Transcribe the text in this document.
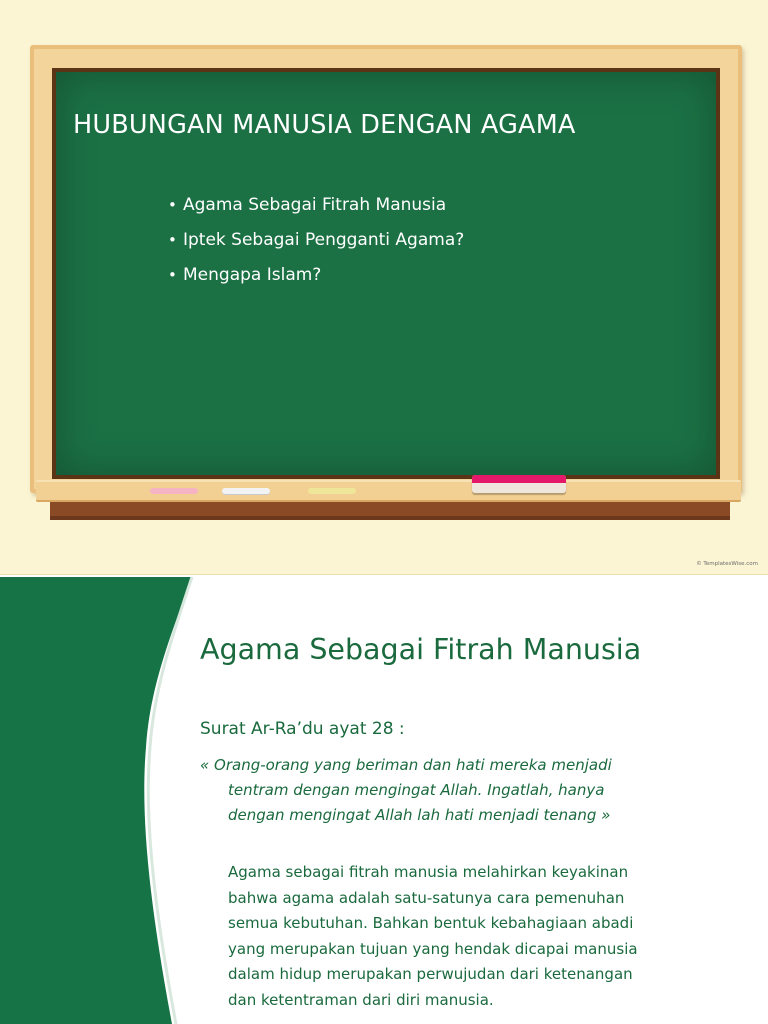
HUBUNGAN MANUSIA DENGAN AGAMA
• Agama Sebagai Fitrah Manusia
• Iptek Sebagai Pengganti Agama?
• Mengapa Islam?
© TemplatesWise.com
Agama Sebagai Fitrah Manusia
Surat Ar-Ra’du ayat 28 :
« Orang-orang yang beriman dan hati mereka menjadi
tentram dengan mengingat Allah. Ingatlah, hanya
dengan mengingat Allah lah hati menjadi tenang »
Agama sebagai fitrah manusia melahirkan keyakinan
bahwa agama adalah satu-satunya cara pemenuhan
semua kebutuhan. Bahkan bentuk kebahagiaan abadi
yang merupakan tujuan yang hendak dicapai manusia
dalam hidup merupakan perwujudan dari ketenangan
dan ketentraman dari diri manusia.
